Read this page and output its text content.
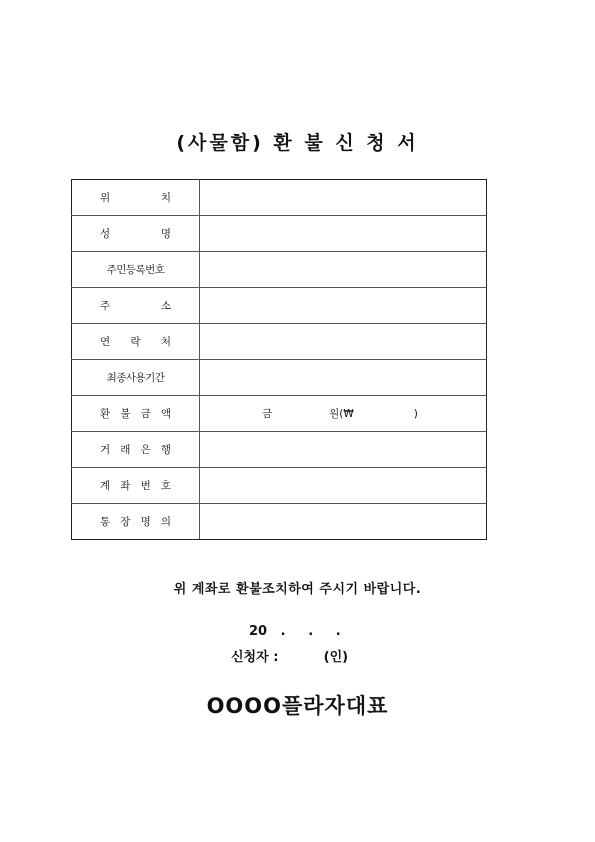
(사물함) 환 불 신 청 서
위 치	

성 명	

주민등록번호	

주 소	

연 락 처	

최종사용기간	

환 불 금 액	금 원(₩ )

거 래 은 행	

계 좌 번 호	

통 장 명 의	

위 계좌로 환불조치하여 주시기 바랍니다.
20   .     .     .
신청자 :          (인)
OOOO플라자대표
